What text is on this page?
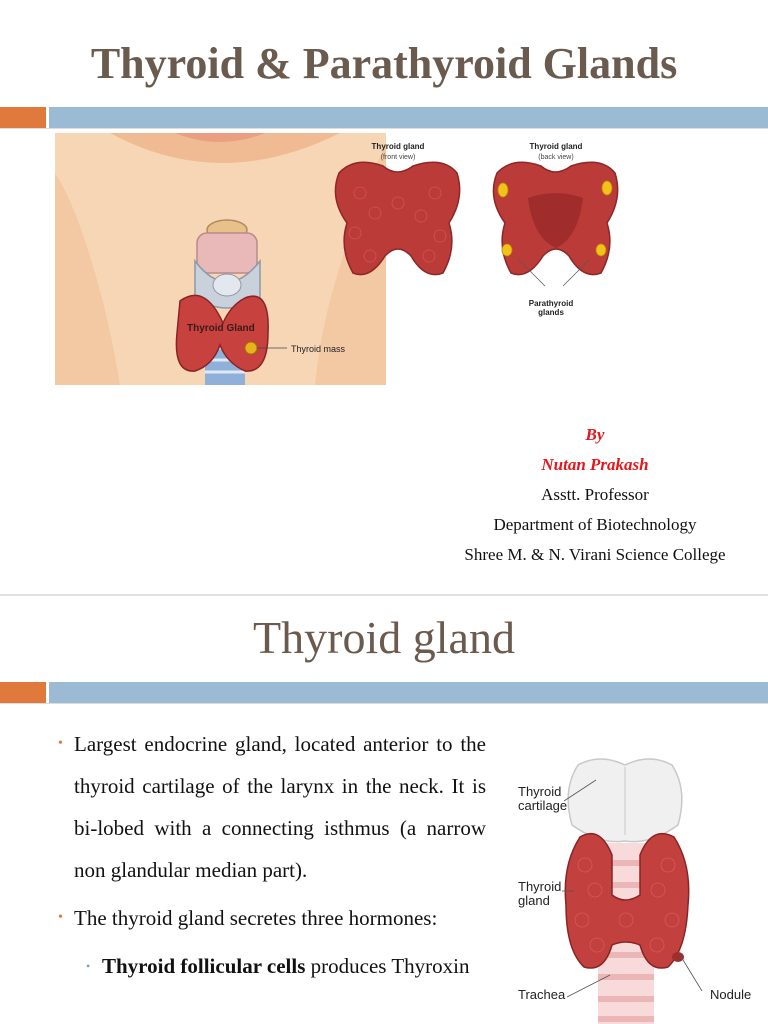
Thyroid & Parathyroid Glands
Thyroid Gland
Thyroid mass
Thyroid gland
(front view)
Thyroid gland
(back view)
Parathyroid
glands
By
Nutan Prakash
Asstt. Professor
Department of Biotechnology
Shree M. & N. Virani Science College
Thyroid gland
• Largest endocrine gland, located anterior to the thyroid cartilage of the larynx in the neck. It is bi-lobed with a connecting isthmus (a narrow non glandular median part).
• The thyroid gland secretes three hormones:
• Thyroid follicular cells produces Thyroxin
Thyroid
cartilage
Thyroid
gland
Trachea	Nodule
